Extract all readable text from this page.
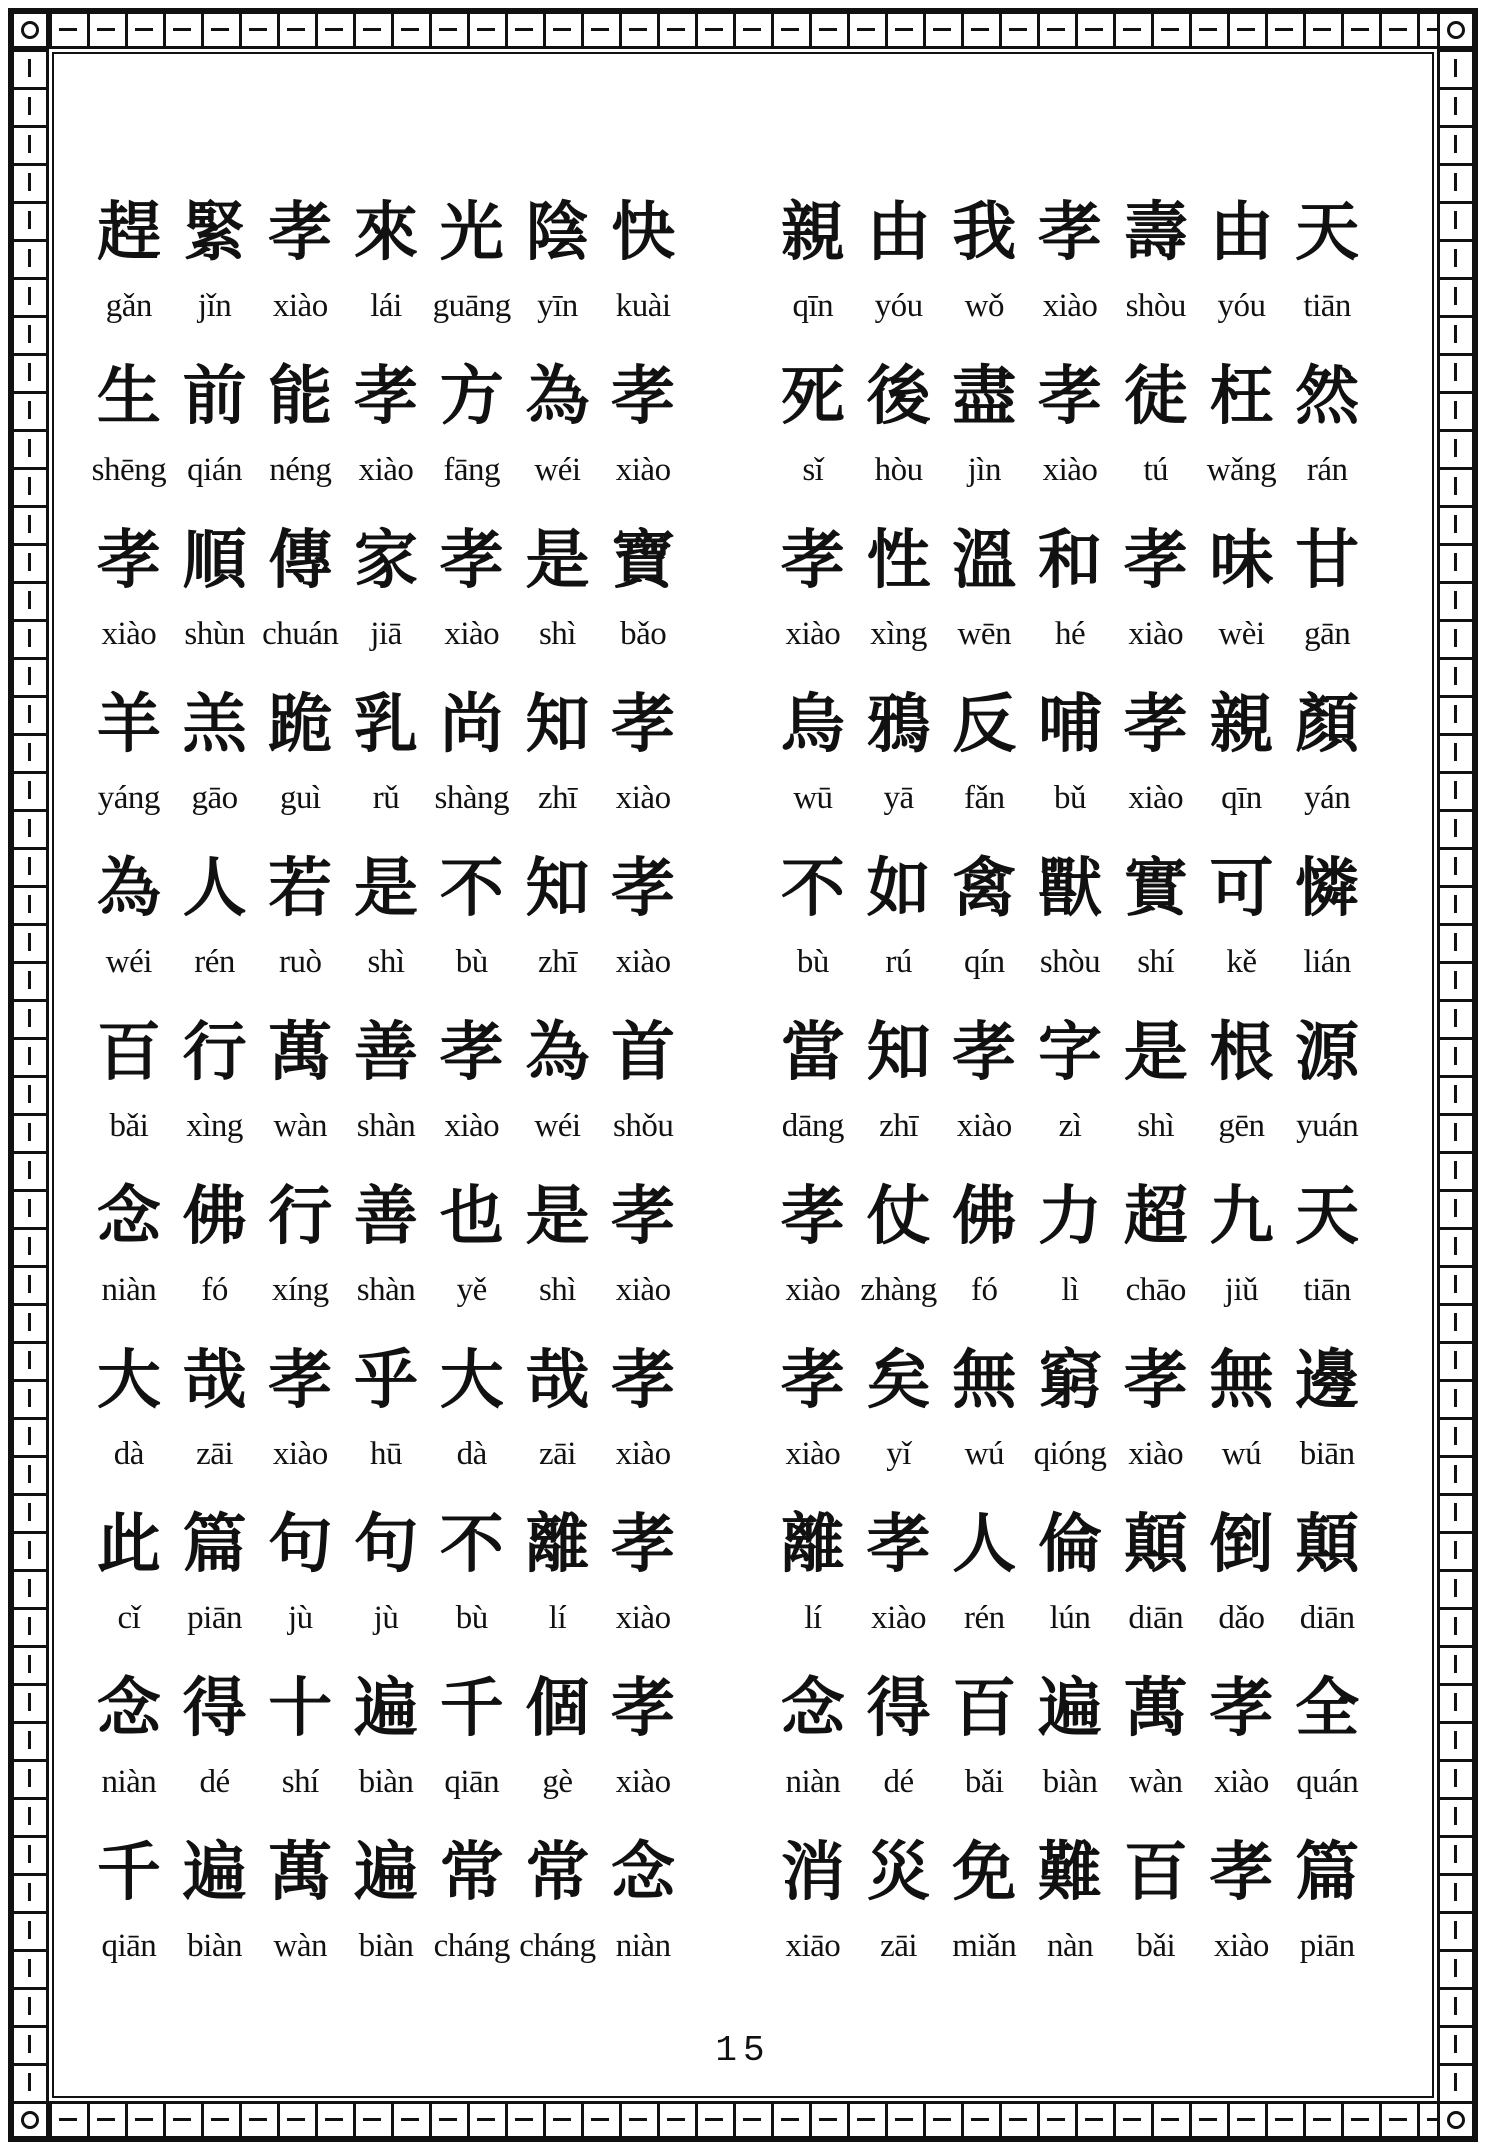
趕 緊 孝 來 光 陰 快
gǎn	jǐn	xiào	lái guāng yīn	kuài
生 前 能 孝 方 為 孝
shēng qián néng xiào fāng	wéi	xiào
孝 順 傳 家 孝 是 寶
xiào shùn chuán jiā	xiào	shì	bǎo
羊 羔 跪 乳 尚 知 孝
yáng gāo	guì	rǔ	shàng zhī	xiào
為 人 若 是 不 知 孝
wéi	rén	ruò	shì	bù	zhī	xiào
百 行 萬 善 孝 為 首
bǎi	xìng wàn shàn xiào	wéi shǒu
念 佛 行 善 也 是 孝
niàn	fó	xíng shàn	yě	shì	xiào
大 哉 孝 乎 大 哉 孝
dà	zāi	xiào	hū	dà	zāi	xiào
此 篇 句 句 不 離 孝
cǐ	piān	jù	jù	bù	lí	xiào
念 得 十 遍 千 個 孝
niàn	dé	shí	biàn qiān	gè	xiào
千 遍 萬 遍 常 常 念
qiān biàn wàn biàn cháng cháng niàn
親 由 我 孝 壽 由 天
qīn	yóu	wǒ	xiào shòu yóu	tiān
死 後 盡 孝 徒 枉 然
sǐ	hòu	jìn	xiào	tú	wǎng rán
孝 性 溫 和 孝 味 甘
xiào xìng wēn	hé	xiào	wèi	gān
烏 鴉 反 哺 孝 親 顏
wū	yā	fǎn	bǔ	xiào	qīn	yán
不 如 禽 獸 實 可 憐
bù	rú	qín	shòu	shí	kě	lián
當 知 孝 字 是 根 源
dāng	zhī	xiào	zì	shì	gēn yuán
孝 仗 佛 力 超 九 天
xiào zhàng	fó	lì	chāo	jiǔ	tiān
孝 矣 無 窮 孝 無 邊
xiào	yǐ	wú qióng xiào	wú	biān
離 孝 人 倫 顛 倒 顛
lí	xiào	rén	lún	diān	dǎo	diān
念 得 百 遍 萬 孝 全
niàn	dé	bǎi	biàn wàn xiào quán
消 災 免 難 百 孝 篇
xiāo	zāi	miǎn nàn	bǎi	xiào piān
15
